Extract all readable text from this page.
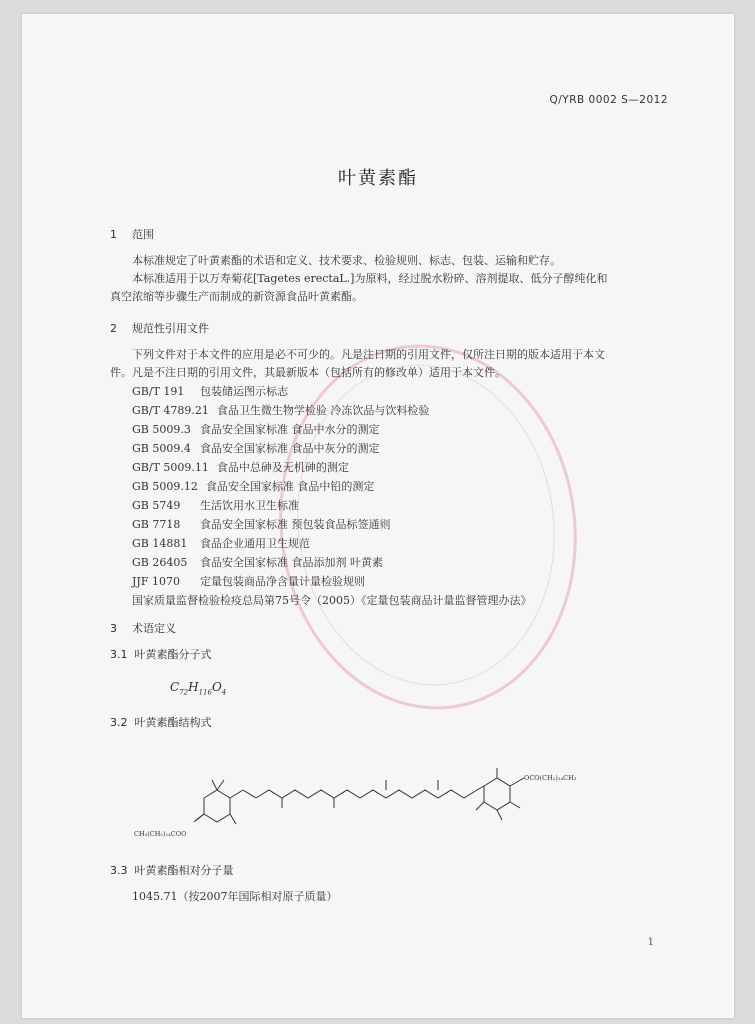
Q/YRB 0002 S—2012
叶黄素酯
1 范围
本标准规定了叶黄素酯的术语和定义、技术要求、检验规则、标志、包装、运输和贮存。
本标准适用于以万寿菊花[Tagetes erectaL.]为原料，经过脱水粉碎、溶剂提取、低分子醇纯化和
真空浓缩等步骤生产而制成的新资源食品叶黄素酯。
2 规范性引用文件
下列文件对于本文件的应用是必不可少的。凡是注日期的引用文件，仅所注日期的版本适用于本文
件。凡是不注日期的引用文件，其最新版本（包括所有的修改单）适用于本文件。
GB/T 191 包装储运图示标志
GB/T 4789.21 食品卫生微生物学检验 冷冻饮品与饮料检验
GB 5009.3 食品安全国家标准 食品中水分的测定
GB 5009.4 食品安全国家标准 食品中灰分的测定
GB/T 5009.11 食品中总砷及无机砷的测定
GB 5009.12 食品安全国家标准 食品中铅的测定
GB 5749 生活饮用水卫生标准
GB 7718 食品安全国家标准 预包装食品标签通则
GB 14881 食品企业通用卫生规范
GB 26405 食品安全国家标准 食品添加剂 叶黄素
JJF 1070 定量包装商品净含量计量检验规则
国家质量监督检验检疫总局第75号令（2005）《定量包装商品计量监督管理办法》
3 术语定义
3.1 叶黄素酯分子式
$C_{72}H_{116}O_4$
3.2 叶黄素酯结构式
CH₃(CH₂)₁₄COO
OCO(CH₂)₁₄CH₃
3.3 叶黄素酯相对分子量
1045.71（按2007年国际相对原子质量）
1
